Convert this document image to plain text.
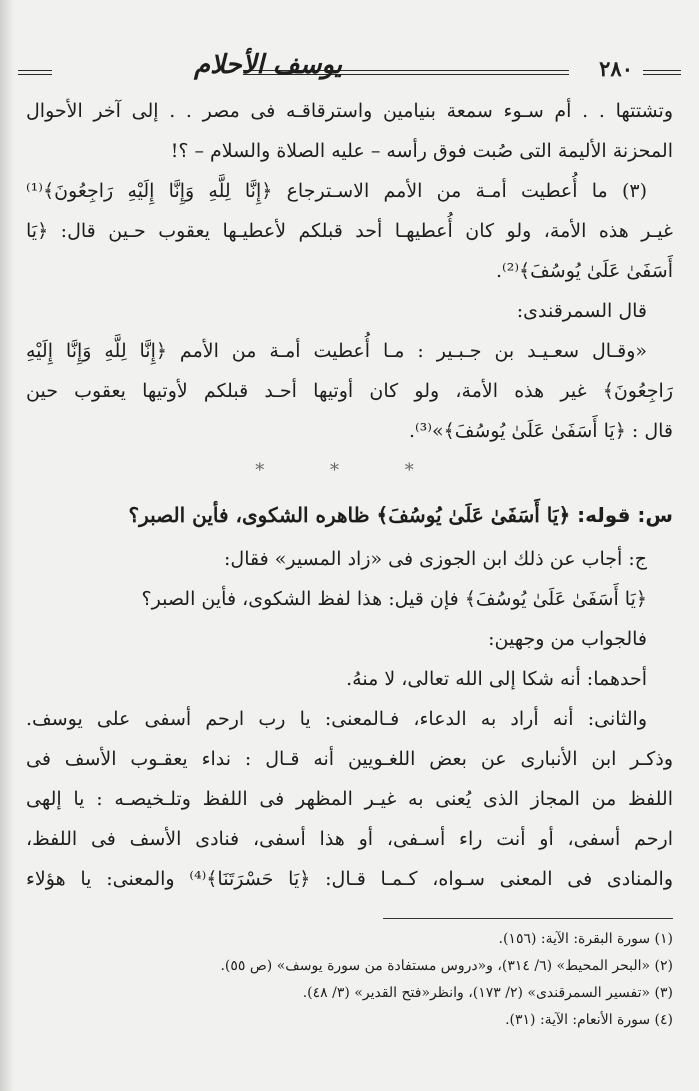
٢٨٠
يوسف الأحلام
وتشتتها . . أم سـوء سمعة بنيامين واسترقاقـه فى مصر . . إلى آخر الأحوال
المحزنة الأليمة التى صُبت فوق رأسه – عليه الصلاة والسلام – ؟!
(٣) ما أُعطيت أمـة من الأمم الاسـترجاع ﴿إِنَّا لِلَّهِ وَإِنَّا إِلَيْهِ رَاجِعُونَ﴾⁽¹⁾
غيـر هذه الأمة، ولو كان أُعطيهـا أحد قبلكم لأعطيـها يعقوب حـين قال: ﴿يَا
أَسَفَىٰ عَلَىٰ يُوسُفَ﴾⁽²⁾.
قال السمرقندى:
«وقـال سعـيـد بن جـبـير : مـا أُعطيت أمـة من الأمم ﴿إِنَّا لِلَّهِ وَإِنَّا إِلَيْهِ
رَاجِعُونَ﴾ غير هذه الأمة، ولو كان أوتيها أحـد قبلكم لأوتيها يعقوب حين
قال : ﴿يَا أَسَفَىٰ عَلَىٰ يُوسُفَ﴾»⁽³⁾.
* * *
س: قوله: ﴿يَا أَسَفَىٰ عَلَىٰ يُوسُفَ﴾ ظاهره الشكوى، فأين الصبر؟
ج: أجاب عن ذلك ابن الجوزى فى «زاد المسير» فقال:
﴿يَا أَسَفَىٰ عَلَىٰ يُوسُفَ﴾ فإن قيل: هذا لفظ الشكوى، فأين الصبر؟
فالجواب من وجهين:
أحدهما: أنه شكا إلى الله تعالى، لا منهُ.
والثانى: أنه أراد به الدعاء، فـالمعنى: يا رب ارحم أسفى على يوسف.
وذكـر ابن الأنبارى عن بعض اللغـويين أنه قـال : نداء يعقـوب الأسف فى
اللفظ من المجاز الذى يُعنى به غيـر المظهر فى اللفظ وتلـخيصـه : يا إلهى
ارحم أسفى، أو أنت راء أسـفى، أو هذا أسفى، فنادى الأسف فى اللفظ،
والمنادى فى المعنى سـواه، كـمـا قـال: ﴿يَا حَسْرَتَنَا﴾⁽⁴⁾ والمعنى: يا هؤلاء
(١) سورة البقرة: الآية: (١٥٦).
(٢) «البحر المحيط» (٦/ ٣١٤)، و«دروس مستفادة من سورة يوسف» (ص ٥٥).
(٣) «تفسير السمرقندى» (٢/ ١٧٣)، وانظر«فتح القدير» (٣/ ٤٨).
(٤) سورة الأنعام: الآية: (٣١).
